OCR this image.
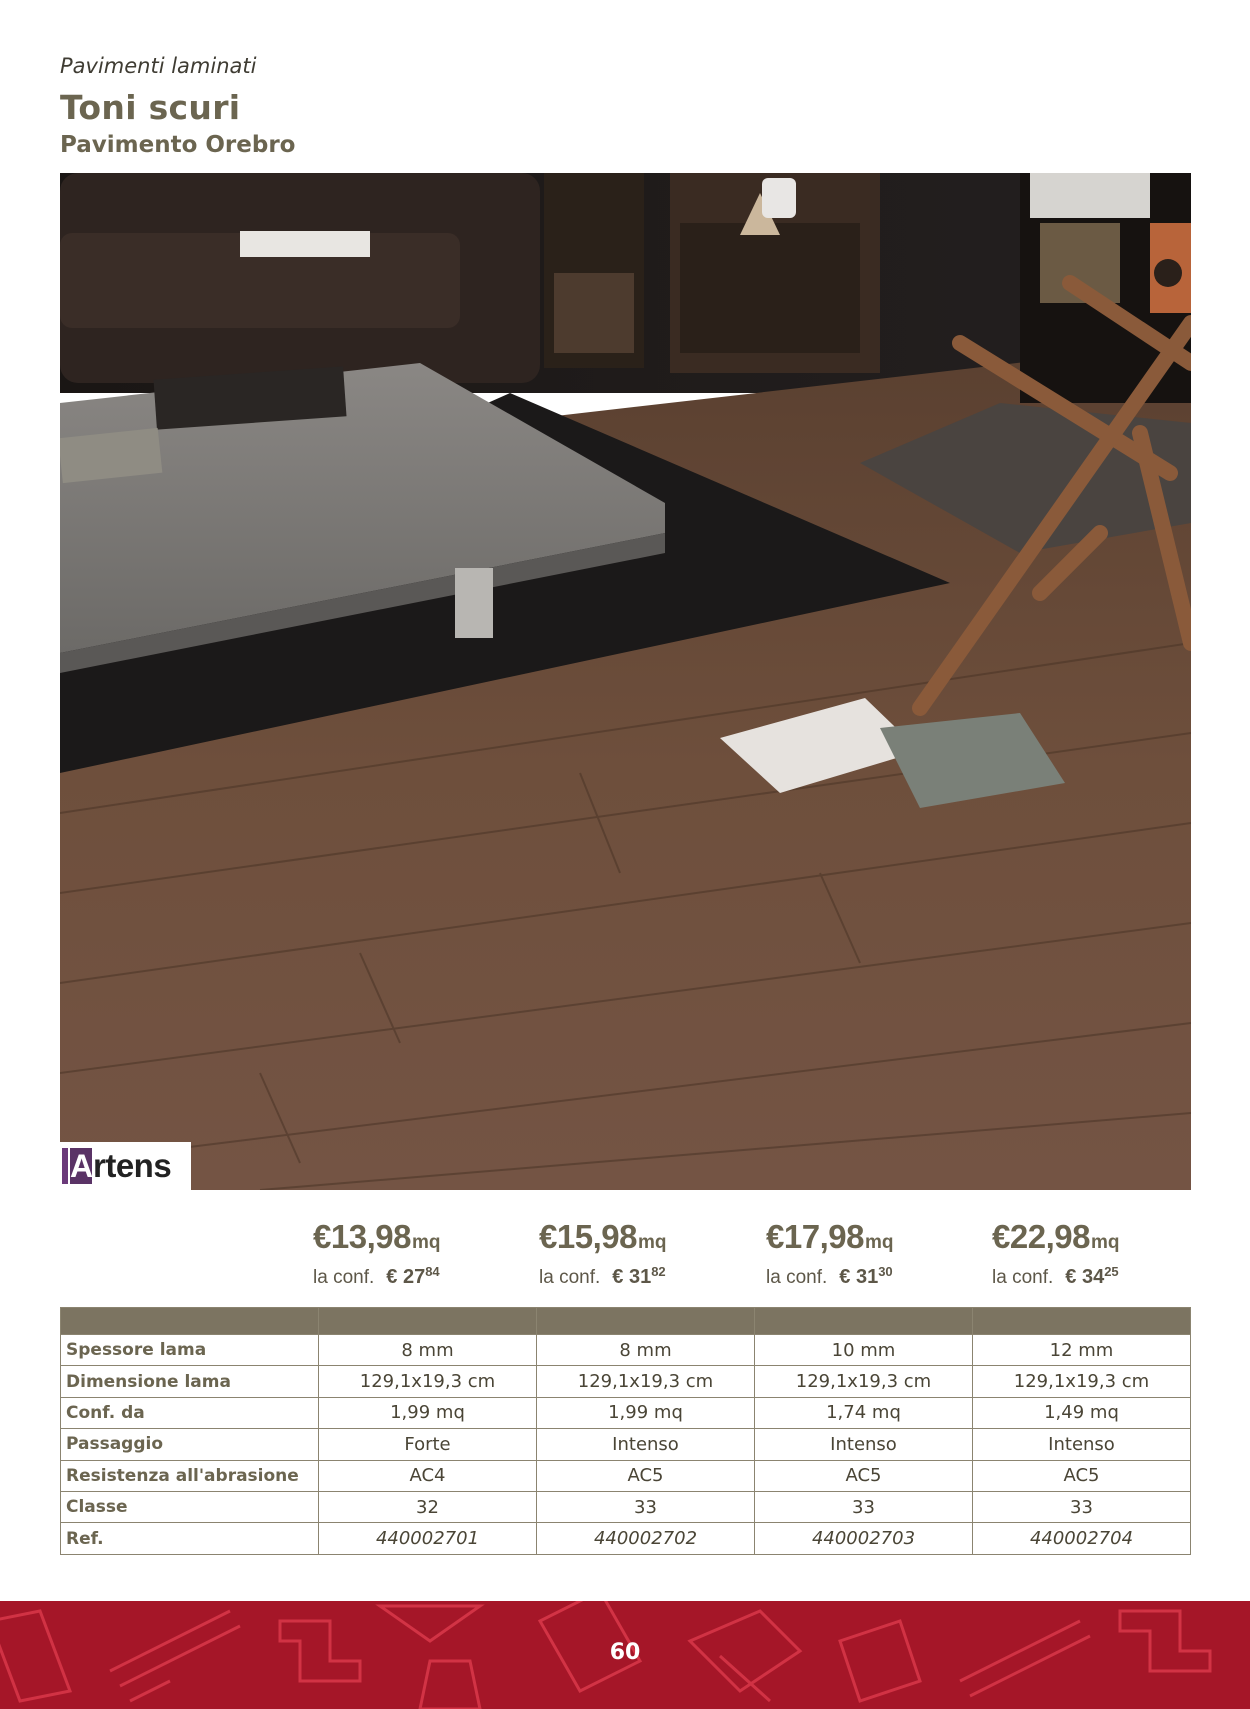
Pavimenti laminati
Toni scuri
Pavimento Orebro
A rtens
€13,98mq
la conf. € $27^{84}$
€15,98mq
la conf. € $31^{82}$
€17,98mq
la conf. € $31^{30}$
€22,98mq
la conf. € $34^{25}$

Spessore lama	8 mm	8 mm	10 mm	12 mm
Dimensione lama	129,1x19,3 cm	129,1x19,3 cm	129,1x19,3 cm	129,1x19,3 cm
Conf. da	1,99 mq	1,99 mq	1,74 mq	1,49 mq
Passaggio	Forte	Intenso	Intenso	Intenso
Resistenza all'abrasione	AC4	AC5	AC5	AC5
Classe	32	33	33	33
Ref.	440002701	440002702	440002703	440002704
60
